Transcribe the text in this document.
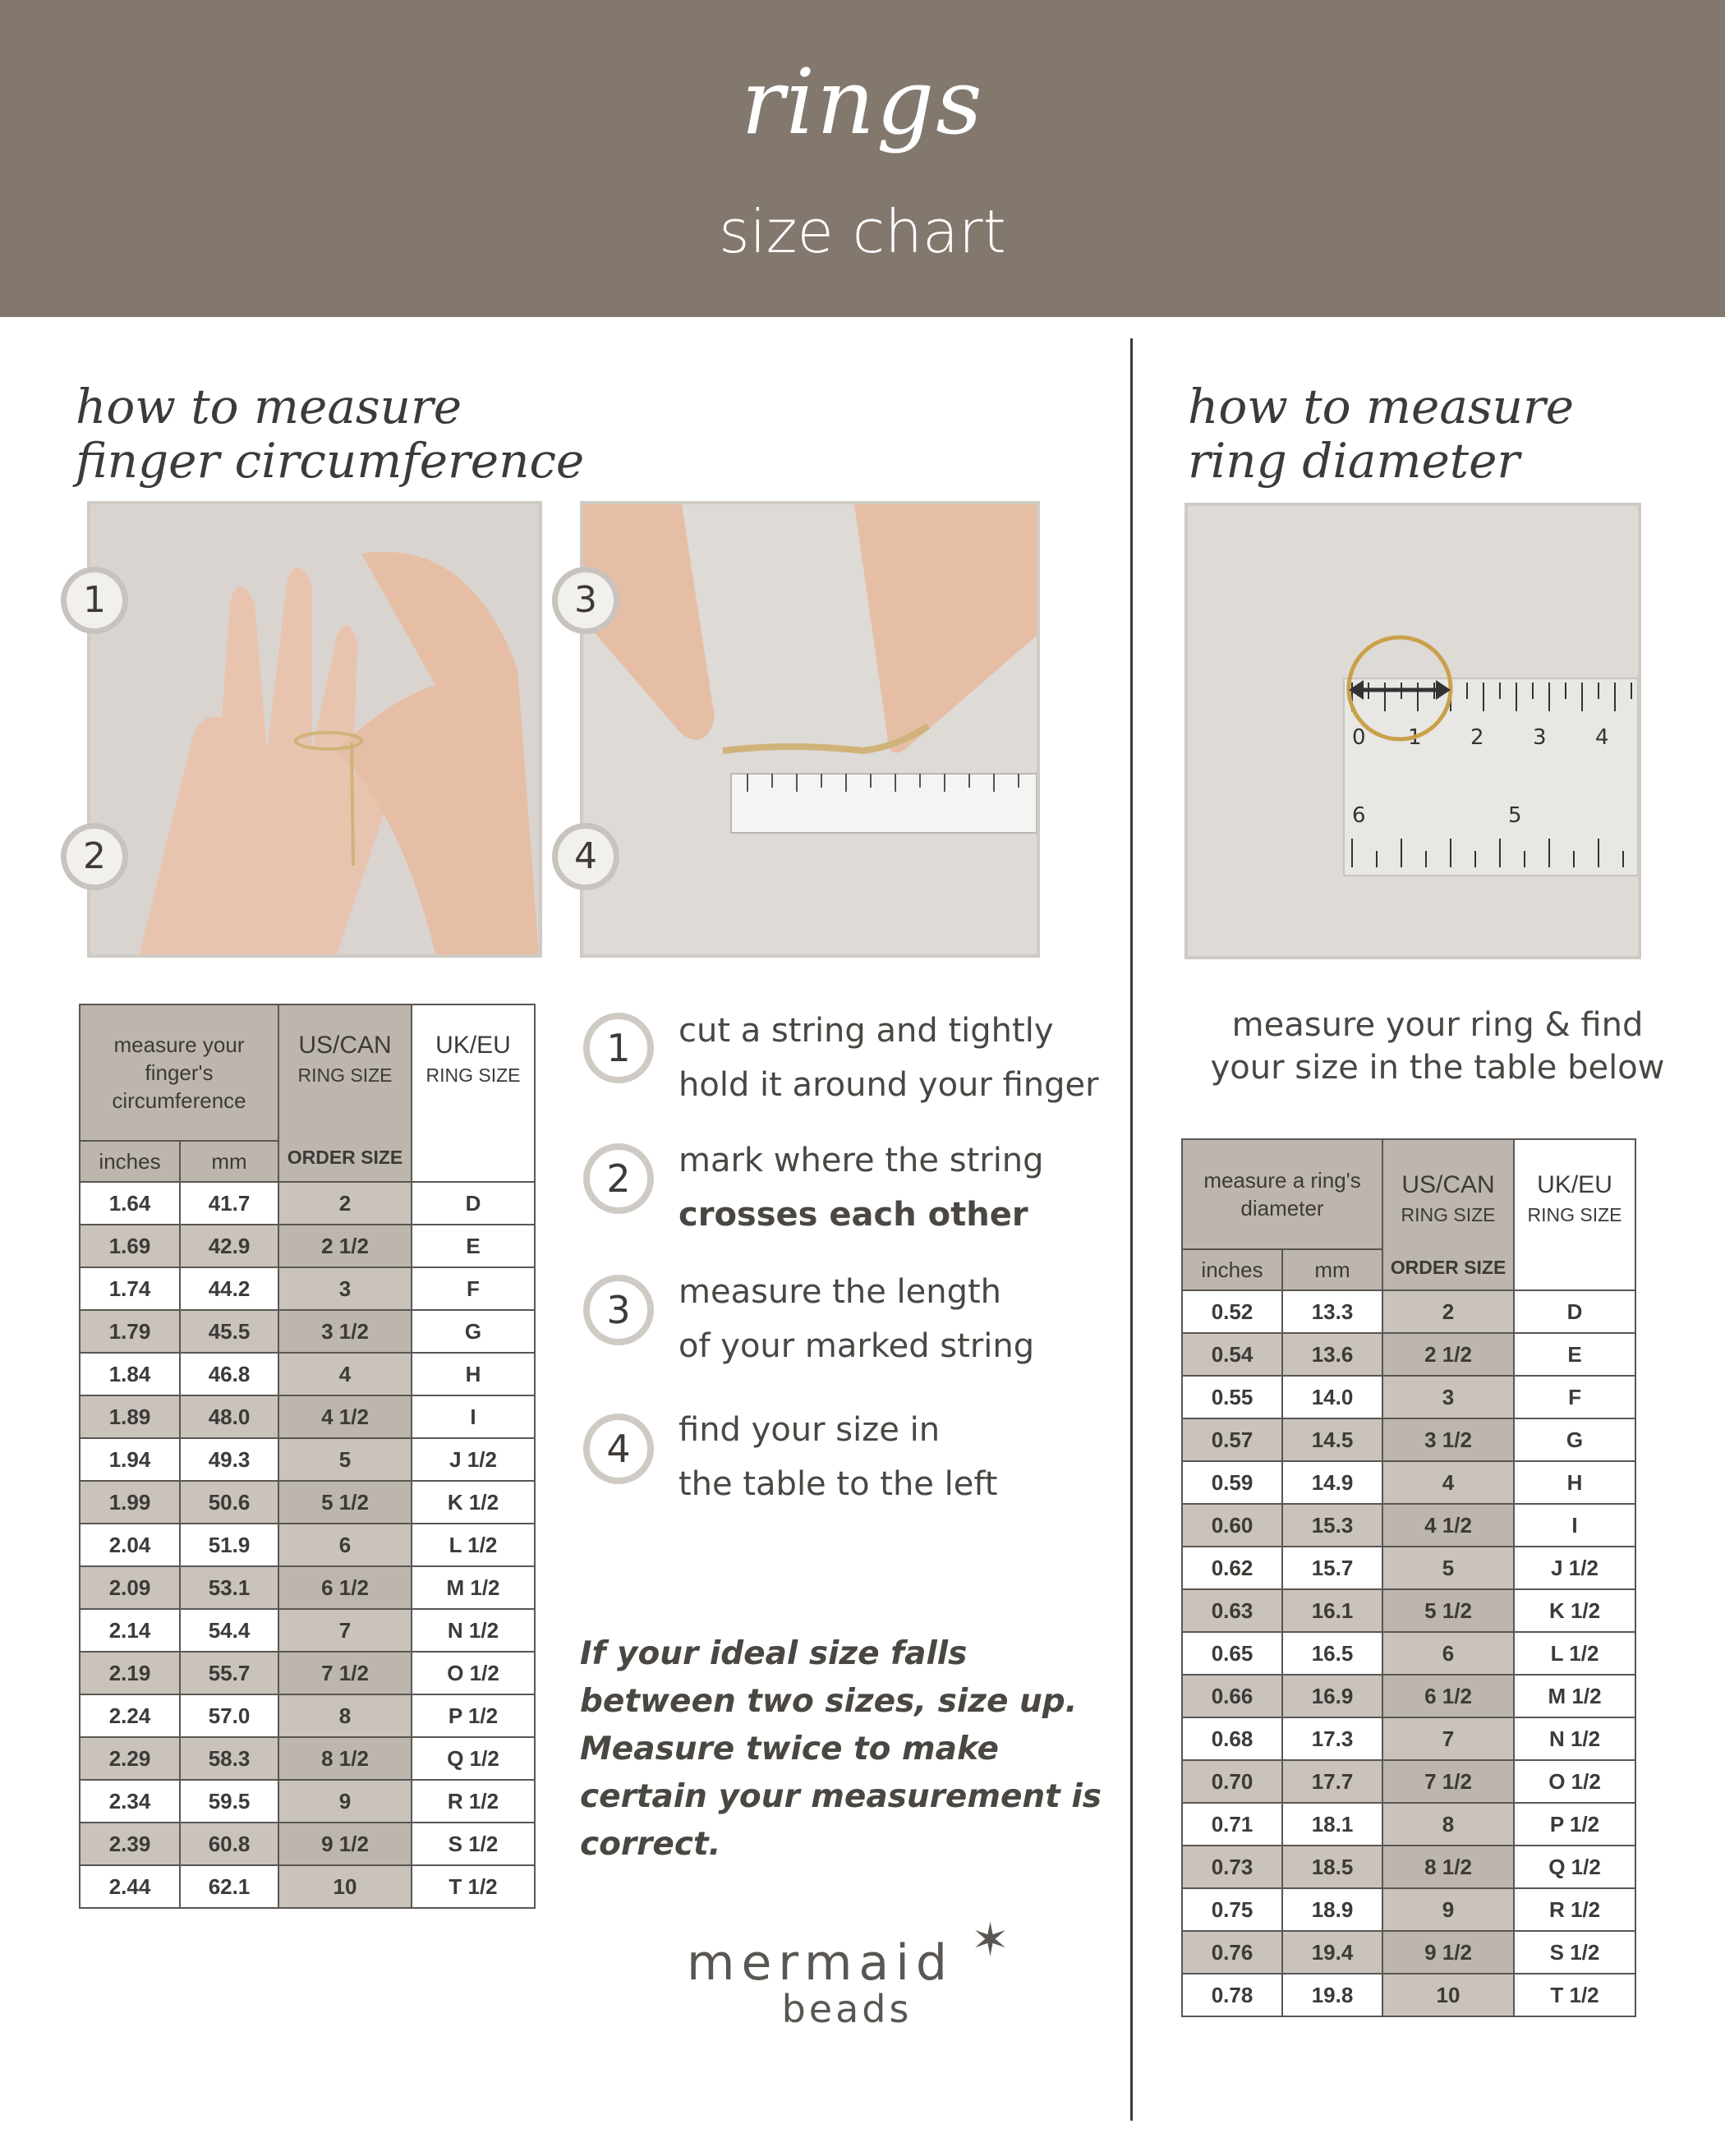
rings
size chart
how to measure
finger circumference
1
2
3
4
measure your finger's circumference		US/CAN
RING SIZE
ORDER SIZE	UK/EU
RING SIZE

inches	mm		
1.64	41.7	2	D
1.69	42.9	2 1/2	E
1.74	44.2	3	F
1.79	45.5	3 1/2	G
1.84	46.8	4	H
1.89	48.0	4 1/2	I
1.94	49.3	5	J 1/2
1.99	50.6	5 1/2	K 1/2
2.04	51.9	6	L 1/2
2.09	53.1	6 1/2	M 1/2
2.14	54.4	7	N 1/2
2.19	55.7	7 1/2	O 1/2
2.24	57.0	8	P 1/2
2.29	58.3	8 1/2	Q 1/2
2.34	59.5	9	R 1/2
2.39	60.8	9 1/2	S 1/2
2.44	62.1	10	T 1/2
1	cut a string and tightly
hold it around your finger
2	mark where the string
crosses each other
3	measure the length
of your marked string
4	find your size in
the table to the left
If your ideal size falls between two sizes, size up. Measure twice to make certain your measurement is correct.
✶
mermaid
beads
how to measure
ring diameter
0 1 2 3 4
6	5
measure your ring & find
your size in the table below
measure a ring's diameter		US/CAN
RING SIZE
ORDER SIZE	UK/EU
RING SIZE

inches	mm		
0.52	13.3	2	D
0.54	13.6	2 1/2	E
0.55	14.0	3	F
0.57	14.5	3 1/2	G
0.59	14.9	4	H
0.60	15.3	4 1/2	I
0.62	15.7	5	J 1/2
0.63	16.1	5 1/2	K 1/2
0.65	16.5	6	L 1/2
0.66	16.9	6 1/2	M 1/2
0.68	17.3	7	N 1/2
0.70	17.7	7 1/2	O 1/2
0.71	18.1	8	P 1/2
0.73	18.5	8 1/2	Q 1/2
0.75	18.9	9	R 1/2
0.76	19.4	9 1/2	S 1/2
0.78	19.8	10	T 1/2
